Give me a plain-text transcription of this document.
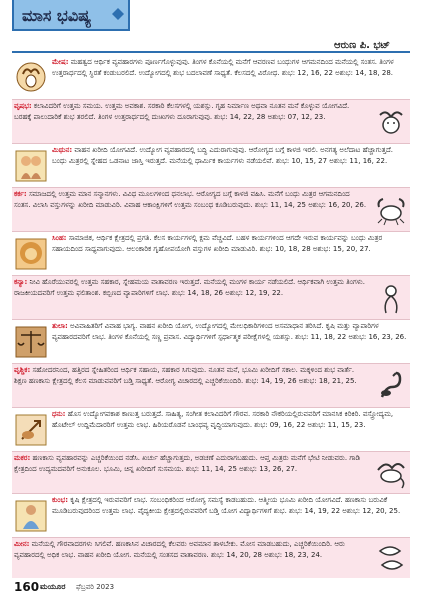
ಮಾಸ ಭವಿಷ್ಯ
ಆರುಣ ಪಿ. ಭಟ್
ಮೇಷ: ಮಹತ್ವದ ಆರ್ಥಿಕ ವ್ಯವಹಾರಗಳು ಪೂರ್ಣಗೊಳ್ಳುವುವು. ತಿಂಗಳ ಕೊನೆಯಲ್ಲಿ ಮನೆಗೆ ಆವರಣವ ಬಂಧುಗಳ ಆಗಮನದಿಂದ ಮನೆಯಲ್ಲಿ ಸಂತಸ. ತಿಂಗಳ ಉತ್ತರಾರ್ಧದಲ್ಲಿ ಸ್ಥಿರತೆ ಕಂಡುಬರಲಿದೆ. ಉದ್ಯೋಗದಲ್ಲಿ ಶುಭ ಬದಲಾವಣೆ ಸಾಧ್ಯತೆ. ಕೆಲಸದಲ್ಲಿ ವಿರೋಧ. ಶುಭ: 12, 16, 22 ಅಶುಭ: 14, 18, 28.
ವೃಷಭ: ಕಲಾವಿದರಿಗೆ ಉತ್ತಮ ಸಮಯ. ಉತ್ತಮ ಅವಕಾಶ. ಸರಕಾರಿ ಕೆಲಸಗಳಲ್ಲಿ ಯಶಸ್ಸು. ಗೃಹ ನಿರ್ಮಾಣ ಅಥವಾ ನೂತನ ಮನೆ ಕೊಳ್ಳುವ ಯೋಗವಿದೆ. ಬರಹಕ್ಕೆ ಪಾಲುದಾರಿಕೆ ಶುಭ ತರಲಿದೆ. ತಿಂಗಳ ಉತ್ತರಾರ್ಧದಲ್ಲಿ ದುಃಖಗಳು ದೂರಾಗುವುವು. ಶುಭ: 14, 22, 28 ಅಶುಭ: 07, 12, 23.
ಮಿಥುನ: ವಾಹನ ಖರೀದಿ ಯೋಗವಿದೆ. ಉದ್ಯೋಗ ವ್ಯವಹಾರದಲ್ಲಿ ಬದ್ಧಿ ಎದುರಾಗುವುವು. ಆರೋಗ್ಯದ ಬಗ್ಗೆ ಕಾಳಜಿ ಇರಲಿ. ಅನಗತ್ಯ ಅಲೆದಾಟ ಹೆಚ್ಚಾಗುತ್ತದೆ. ಬಂಧು ಮಿತ್ರರಲ್ಲಿ ಸ್ನೇಹದ ಒಡನಾಟ ಜಾಸ್ತಿ ಇರುತ್ತದೆ. ಮನೆಯಲ್ಲಿ ಧಾರ್ಮಿಕ ಕಾರ್ಯಗಳು ನಡೆಯಲಿವೆ. ಶುಭ: 10, 15, 27 ಅಶುಭ: 11, 16, 22.
ಕರ್ಕ: ಸಮಾಜದಲ್ಲಿ ಉತ್ತಮ ಮಾನ ಸನ್ಮಾನಗಳು. ವಿವಿಧ ಮೂಲಗಳಿಂದ ಧನಲಾಭ. ಆರೋಗ್ಯದ ಬಗ್ಗೆ ಕಾಳಜಿ ವಹಿಸಿ. ಮನೆಗೆ ಬಂಧು ಮಿತ್ರರ ಆಗಮನದಿಂದ ಸಂತಸ. ವಿಲಾಸಿ ವಸ್ತುಗಳನ್ನು ಖರೀದಿ ಮಾಡುವಿರಿ. ವಿವಾಹ ಆಕಾಂಕ್ಷಿಗಳಿಗೆ ಉತ್ತಮ ಸಂಬಂಧ ಕೂಡಿಬರುವುದು. ಶುಭ: 11, 14, 25 ಅಶುಭ: 16, 20, 26.
ಸಿಂಹ: ಸಾಮಾಜಿಕ, ಆರ್ಥಿಕ ಕ್ಷೇತ್ರದಲ್ಲಿ ಪ್ರಗತಿ. ಕೆಲಸ ಕಾರ್ಯಗಳಲ್ಲಿ ಕ್ಷಮ ವೆಚ್ಚವಿದೆ. ಬಹಳ ಕಾರ್ಯಗಳಿಂದ ಆಗದೇ ಇರುವ ಕಾರ್ಯವನ್ನು ಬಂಧು ಮಿತ್ರರ ಸಹಾಯದಿಂದ ಸಾಧ್ಯವಾಗುವುದು. ಆಲಂಕಾರಿಕ ಗೃಹೋಪಯೋಗಿ ವಸ್ತುಗಳ ಖರೀದಿ ಮಾಡುವಿರಿ. ಶುಭ: 10, 18, 28 ಅಶುಭ: 15, 20, 27.
ಕನ್ಯಾ: ನೀವಿ ಹೊರೆಯುವರಲ್ಲಿ ಉತ್ತಮ ಸಹಕಾರ, ಸ್ನೇಹಮಯ ವಾತಾವರಣ ಇರುತ್ತದೆ. ಮನೆಯಲ್ಲಿ ಮಂಗಳ ಕಾರ್ಯ ನಡೆಯಲಿದೆ. ಆರ್ಥಿಕವಾಗಿ ಉತ್ತಮ ತಿಂಗಳು. ರಾಜಕೀಯದವರಿಗೆ ಉತ್ತಮ ಫಲಿತಾಂಶ. ಕಬ್ಬಿಣದ ವ್ಯಾಪಾರಿಗಳಿಗೆ ಲಾಭ. ಶುಭ: 14, 18, 26 ಅಶುಭ: 12, 19, 22.
ತುಲಾ: ಅವಿವಾಹಿತರಿಗೆ ವಿವಾಹ ಭಾಗ್ಯ. ವಾಹನ ಖರೀದಿ ಯೋಗ, ಉದ್ಯೋಗದಲ್ಲಿ ಮೇಲಧಿಕಾರಿಗಳಿಂದ ಅಸಮಾಧಾನ ತರಿಸಿದೆ. ಕೃಷಿ ಮತ್ತು ವ್ಯಾಪಾರಿಗಳ ವ್ಯವಹಾರದವರಿಗೆ ಲಾಭ. ತಿಂಗಳ ಕೊನೆಯಲ್ಲಿ ಸಣ್ಣ ಪ್ರವಾಸ. ವಿದ್ಯಾರ್ಥಿಗಳಿಗೆ ಸ್ಪರ್ಧಾತ್ಮಕ ಪರೀಕ್ಷೆಗಳಲ್ಲಿ ಯಶಸ್ಸು. ಶುಭ: 11, 18, 22 ಅಶುಭ: 16, 23, 26.
ವೃಶ್ಚಿಕ: ಸಹೋದರನಿಂದ, ಹತ್ತಿರದ ಸ್ನೇಹಿತರಿಂದ ಆರ್ಥಿಕ ಸಹಾಯ, ಸಹಕಾರ ಸಿಗುವುದು. ನೂತನ ಮನೆ, ಭೂಮಿ ಖರೀದಿಗೆ ಸಕಾಲ. ಮಕ್ಕಳಿಂದ ಶುಭ ವಾರ್ತೆ. ಶಿಕ್ಷಣ ಹಣಕಾಸು ಕ್ಷೇತ್ರದಲ್ಲಿ ಕೆಲಸ ಮಾಡುವವರಿಗೆ ಬಡ್ತಿ ಸಾಧ್ಯತೆ. ಆರೋಗ್ಯ ವಿಚಾರದಲ್ಲಿ ಎಚ್ಚರಿಕೆಯಿಂದಿರಿ. ಶುಭ: 14, 19, 26 ಅಶುಭ: 18, 21, 25.
ಧನು: ಹೊಸ ಉದ್ಯೋಗವಕಾಶ ಕಾಣುತ್ತ ಬರುತ್ತದೆ. ಸಾಹಿತ್ಯ, ಸಂಗೀತ ಕಲಾವಿದರಿಗೆ ಗೌರವ. ಸರಕಾರಿ ನೌಕರಿಯಲ್ಲಿರುವವರಿಗೆ ಮಾನಸಿಕ ಕಿರಿಕಿರಿ. ವಸ್ತ್ರೋದ್ಯಮ, ಹೊಟೇಲ್ ಉದ್ದಿಮೆದಾರರಿಗೆ ಉತ್ತಮ ಲಾಭ. ಹಿರಿಯರೊಡನೆ ಬಾಂಧವ್ಯ ವೃದ್ಧಿಯಾಗುವುದು. ಶುಭ: 09, 16, 22 ಅಶುಭ: 11, 15, 23.
ಮಕರ: ಹಣಕಾಸು ವ್ಯವಹಾರವನ್ನು ಎಚ್ಚರಿಕೆಯಿಂದ ನಡೆಸಿ. ಖರ್ಚು ಹೆಚ್ಚಾಗುತ್ತದು, ಅಡಚಣೆ ಎದುರಾಗಬಹುದು. ಆಪ್ತ ಮಿತ್ರರು ಮನೆಗೆ ಭೇಟಿ ನೀಡುವರು. ಗಾಡಿ ಕ್ಷೇತ್ರದಿಂದ ಉದ್ಯಮದವರಿಗೆ ಅನುಕೂಲ. ಭೂಮಿ, ಚಿನ್ನ ಖರೀದಿಗೆ ಸುಸಮಯ. ಶುಭ: 11, 14, 25 ಅಶುಭ: 13, 26, 27.
ಕುಂಭ: ಕೃಷಿ ಕ್ಷೇತ್ರದಲ್ಲಿ ಇರುವವರಿಗೆ ಲಾಭ. ಸಂಬಂಧಿಕರಿಂದ ಆರೋಗ್ಯ ಸಮಸ್ಯೆ ಕಾಡಬಹುದು. ಆತ್ಮೀಯ ಭೂಮಿ ಖರೀದಿ ಯೋಗವಿದೆ. ಹಣಕಾಸು ಬರುವಿಕೆ ಮೂಡಿಬರುವುದರಿಂದ ಉತ್ತಮ ಲಾಭ. ವೈದ್ಯಕೀಯ ಕ್ಷೇತ್ರದಲ್ಲಿರುವವರಿಗೆ ಬಡ್ತಿ ಯೋಗ ವಿದ್ಯಾರ್ಥಿಗಳಿಗೆ ಶುಭ. ಶುಭ: 14, 19, 22 ಅಶುಭ: 12, 20, 25.
ಮೀನ: ಮನೆಯಲ್ಲಿ ಗೌರವಾದರಗಳು ಸಿಗಲಿವೆ. ಹಣಕಾಸಿನ ವಿಚಾರದಲ್ಲಿ ಕೆಲವರು ಅವಮಾನ ತಾಳಬೇಕು. ಮೋಸ ಮಾಡಬಹುದು, ಎಚ್ಚರಿಕೆಯಿಂದಿರಿ. ಆರು ವ್ಯವಹಾರದಲ್ಲಿ ಅಧಿಕ ಲಾಭ. ವಾಹನ ಖರೀದಿ ಯೋಗ. ಮನೆಯಲ್ಲಿ ಸಂತಸದ ವಾತಾವರಣ. ಶುಭ: 14, 20, 28 ಅಶುಭ: 18, 23, 24.
160 ಮಯೂರ ಫೆಬ್ರವರಿ 2023
